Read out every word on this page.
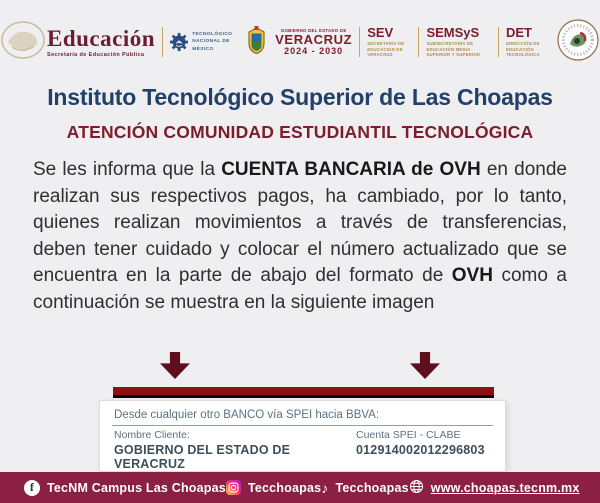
Educación
Secretaría de Educación Pública
TECNOLÓGICO
NACIONAL DE MÉXICO
GOBIERNO DEL ESTADO DE
VERACRUZ
2024 - 2030
SEV
SECRETARÍA DE EDUCACIÓN DE VERACRUZ
SEMSyS
SUBSECRETARÍA DE EDUCACIÓN MEDIA SUPERIOR Y SUPERIOR
DET
DIRECCIÓN DE EDUCACIÓN TECNOLÓGICA
Instituto Tecnológico Superior de Las Choapas
ATENCIÓN COMUNIDAD ESTUDIANTIL TECNOLÓGICA

Se les informa que la CUENTA BANCARIA de OVH en donde realizan sus respectivos pagos, ha cambiado, por lo tanto, quienes realizan movimientos a través de transferencias, deben tener cuidado y colocar el número actualizado que se encuentra en la parte de abajo del formato de OVH como a continuación se muestra en la siguiente imagen

Desde cualquier otro BANCO vía SPEI hacia BBVA:
Nombre Cliente:
GOBIERNO DEL ESTADO DE VERACRUZ
Cuenta SPEI - CLABE
012914002012296803
f	TecNM Campus Las Choapas Tecchoapas ♪ Tecchoapas www.choapas.tecnm.mx
